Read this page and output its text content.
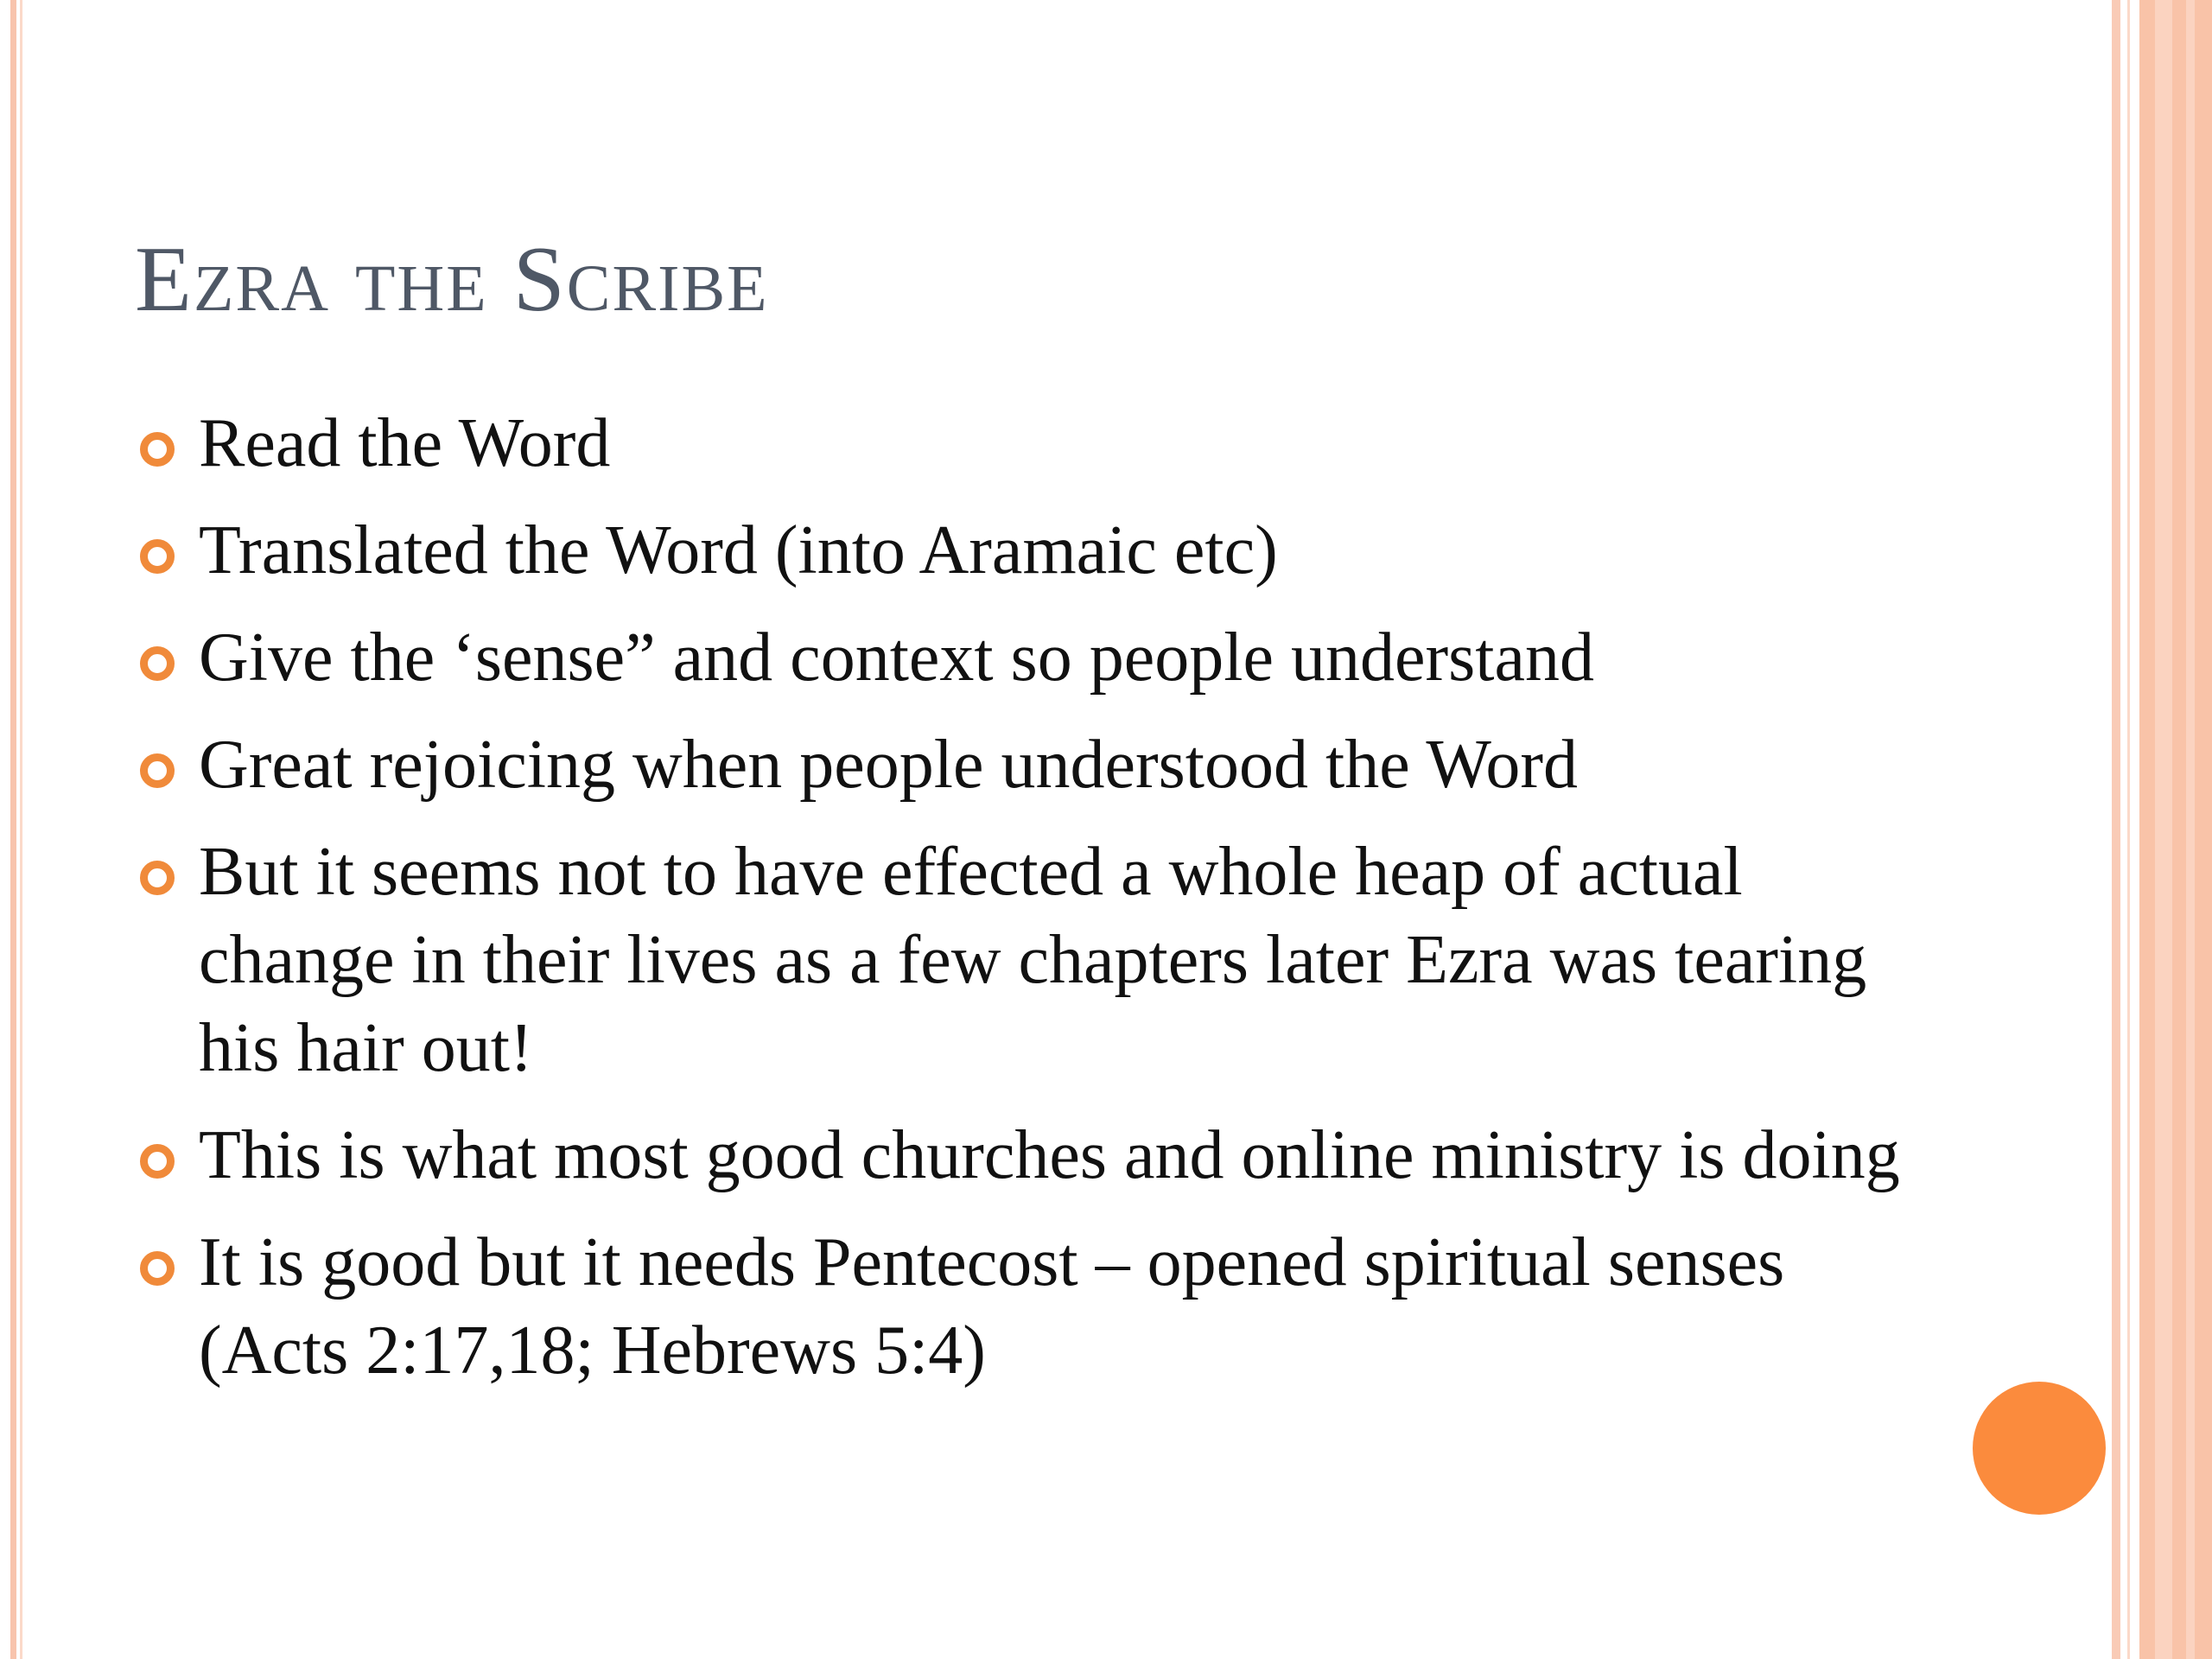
Ezra the Scribe
Read the Word
Translated the Word (into Aramaic etc)
Give the ‘sense” and context so people understand
Great rejoicing when people understood the Word
But it seems not to have effected a whole heap of actual change in their lives as a few chapters later Ezra was tearing his hair out!
This is what most good churches and online ministry is doing
It is good but it needs Pentecost – opened spiritual senses (Acts 2:17,18; Hebrews 5:4)
